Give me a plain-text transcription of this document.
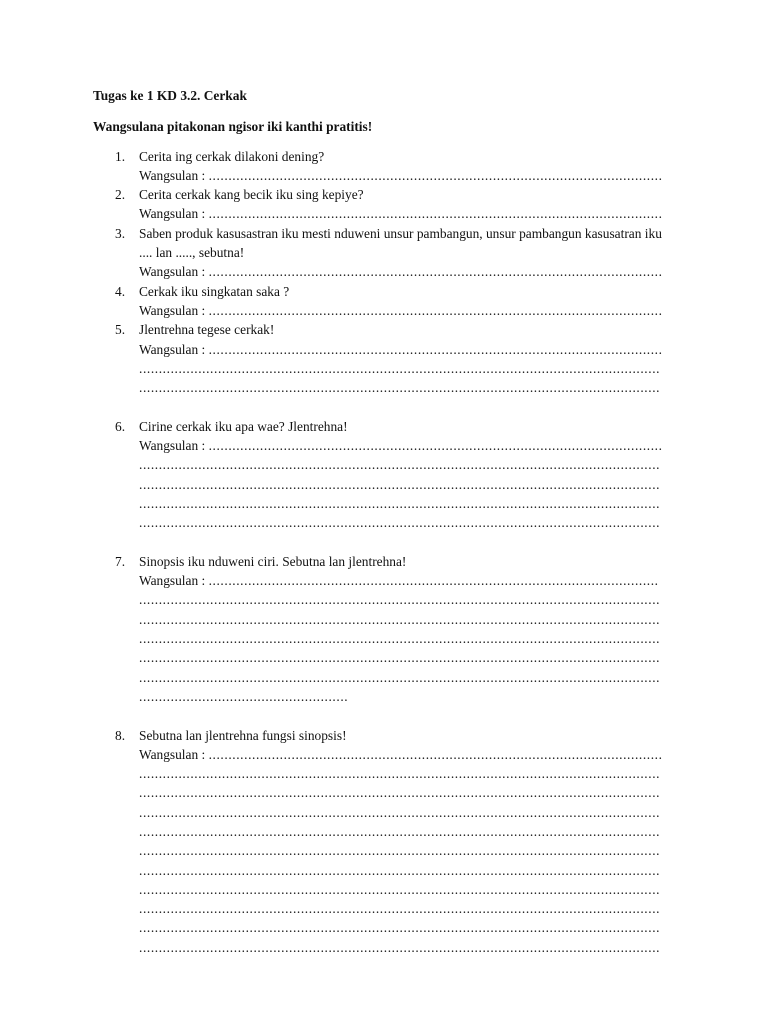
Tugas ke 1 KD 3.2. Cerkak
Wangsulana pitakonan ngisor iki kanthi pratitis!
1. Cerita ing cerkak dilakoni dening?
Wangsulan : ...................................................................................................................
2. Cerita cerkak kang becik iku sing kepiye?
Wangsulan : ...................................................................................................................
3. Saben produk kasusastran iku mesti nduweni unsur pambangun, unsur pambangun kasusatran iku .... lan ....., sebutna!
Wangsulan : ...................................................................................................................
4. Cerkak iku singkatan saka ?
Wangsulan : ...................................................................................................................
5. Jlentrehna tegese cerkak!
Wangsulan : ...................................................................................................................
....................................................................................................................................
....................................................................................................................................
6. Cirine cerkak iku apa wae? Jlentrehna!
Wangsulan : ...................................................................................................................
....................................................................................................................................
....................................................................................................................................
....................................................................................................................................
....................................................................................................................................
7. Sinopsis iku nduweni ciri. Sebutna lan jlentrehna!
Wangsulan : ..................................................................................................................
....................................................................................................................................
....................................................................................................................................
....................................................................................................................................
....................................................................................................................................
....................................................................................................................................
.....................................................
8. Sebutna lan jlentrehna fungsi sinopsis!
Wangsulan : ...................................................................................................................
....................................................................................................................................
....................................................................................................................................
....................................................................................................................................
....................................................................................................................................
....................................................................................................................................
....................................................................................................................................
....................................................................................................................................
....................................................................................................................................
....................................................................................................................................
....................................................................................................................................
